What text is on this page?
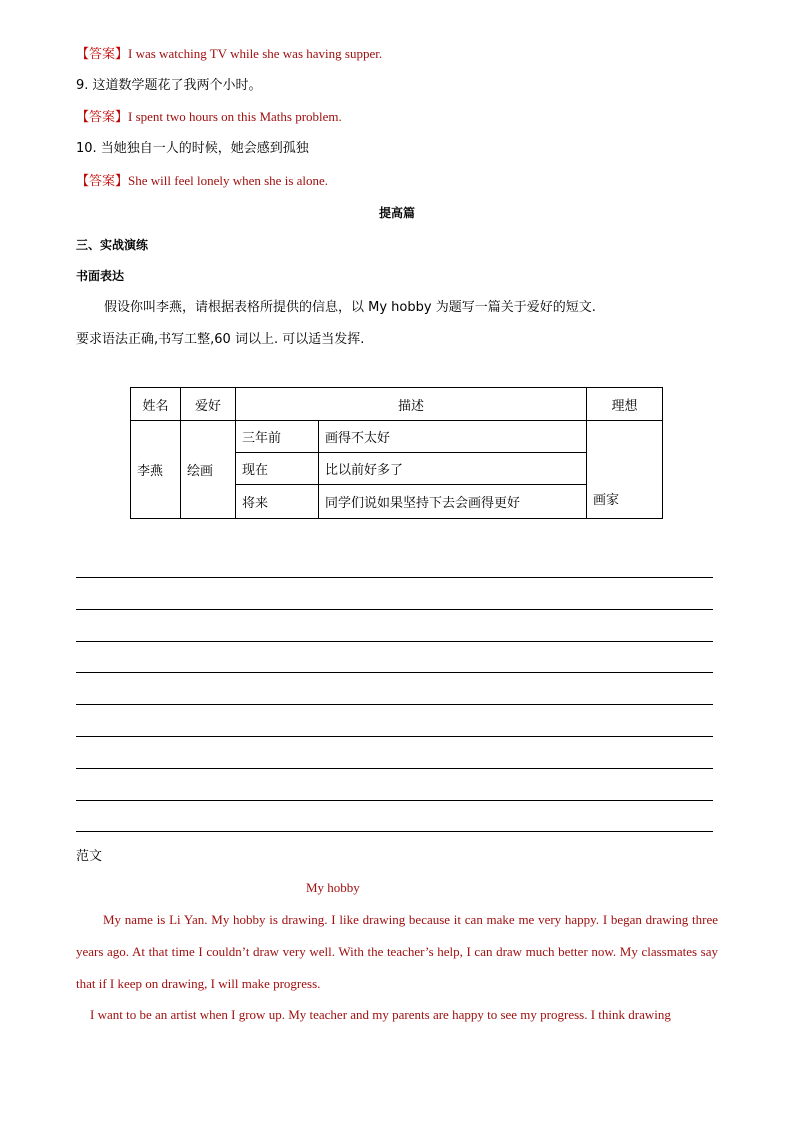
【答案】I was watching TV while she was having supper.
9. 这道数学题花了我两个小时。
【答案】I spent two hours on this Maths problem.
10. 当她独自一人的时候，她会感到孤独
【答案】She will feel lonely when she is alone.
提高篇
三、实战演练
书面表达
假设你叫李燕，请根据表格所提供的信息，以 My hobby 为题写一篇关于爱好的短文.
要求语法正确,书写工整,60 词以上. 可以适当发挥.
姓名	爱好	描述		理想
李燕	绘画	三年前	画得不太好	画家
		现在	比以前好多了	
		将来	同学们说如果坚持下去会画得更好	
范文
My hobby
My name is Li Yan. My hobby is drawing. I like drawing because it can make me very happy. I began drawing three years ago. At that time I couldn’t draw very well. With the teacher’s help, I can draw much better now. My classmates say that if I keep on drawing, I will make progress.
I want to be an artist when I grow up. My teacher and my parents are happy to see my progress. I think drawing
